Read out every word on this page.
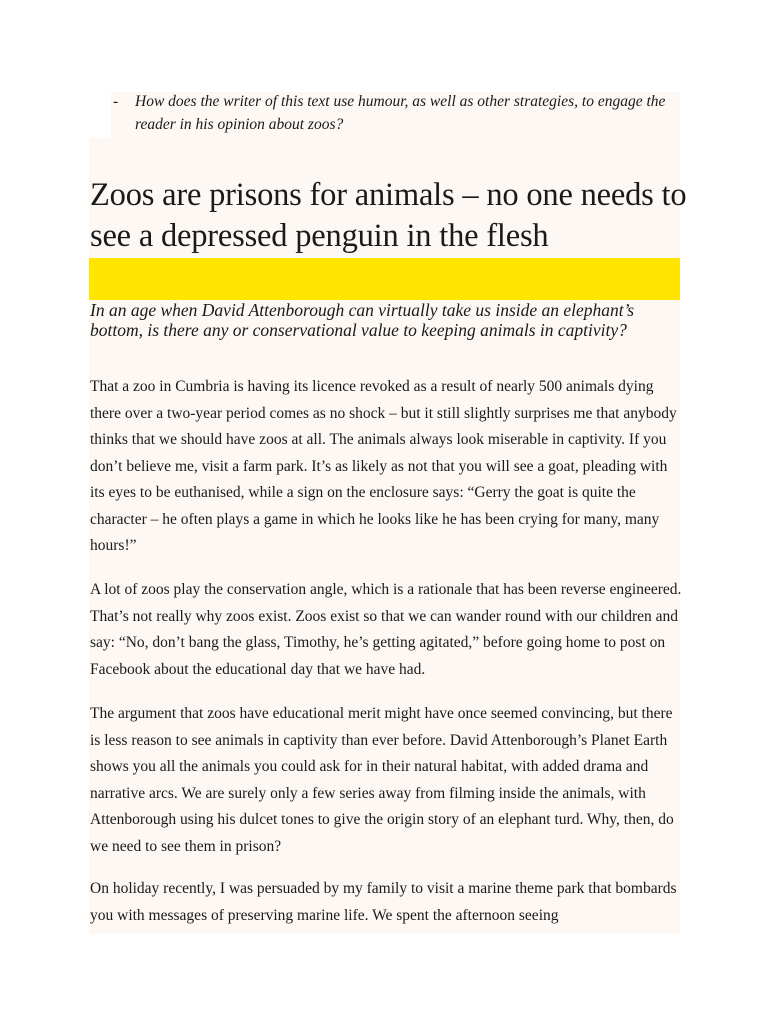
-	How does the writer of this text use humour, as well as other strategies, to engage the reader in his opinion about zoos?
Zoos are prisons for animals – no one needs to see a depressed penguin in the flesh

In an age when David Attenborough can virtually take us inside an elephant’s bottom, is there any or conservational value to keeping animals in captivity?

That a zoo in Cumbria is having its licence revoked as a result of nearly 500 animals dying there over a two-year period comes as no shock – but it still slightly surprises me that anybody thinks that we should have zoos at all. The animals always look miserable in captivity. If you don’t believe me, visit a farm park. It’s as likely as not that you will see a goat, pleading with its eyes to be euthanised, while a sign on the enclosure says: “Gerry the goat is quite the character – he often plays a game in which he looks like he has been crying for many, many hours!”

A lot of zoos play the conservation angle, which is a rationale that has been reverse engineered. That’s not really why zoos exist. Zoos exist so that we can wander round with our children and say: “No, don’t bang the glass, Timothy, he’s getting agitated,” before going home to post on Facebook about the educational day that we have had.

The argument that zoos have educational merit might have once seemed convincing, but there is less reason to see animals in captivity than ever before. David Attenborough’s Planet Earth shows you all the animals you could ask for in their natural habitat, with added drama and narrative arcs. We are surely only a few series away from filming inside the animals, with Attenborough using his dulcet tones to give the origin story of an elephant turd. Why, then, do we need to see them in prison?

On holiday recently, I was persuaded by my family to visit a marine theme park that bombards you with messages of preserving marine life. We spent the afternoon seeing
